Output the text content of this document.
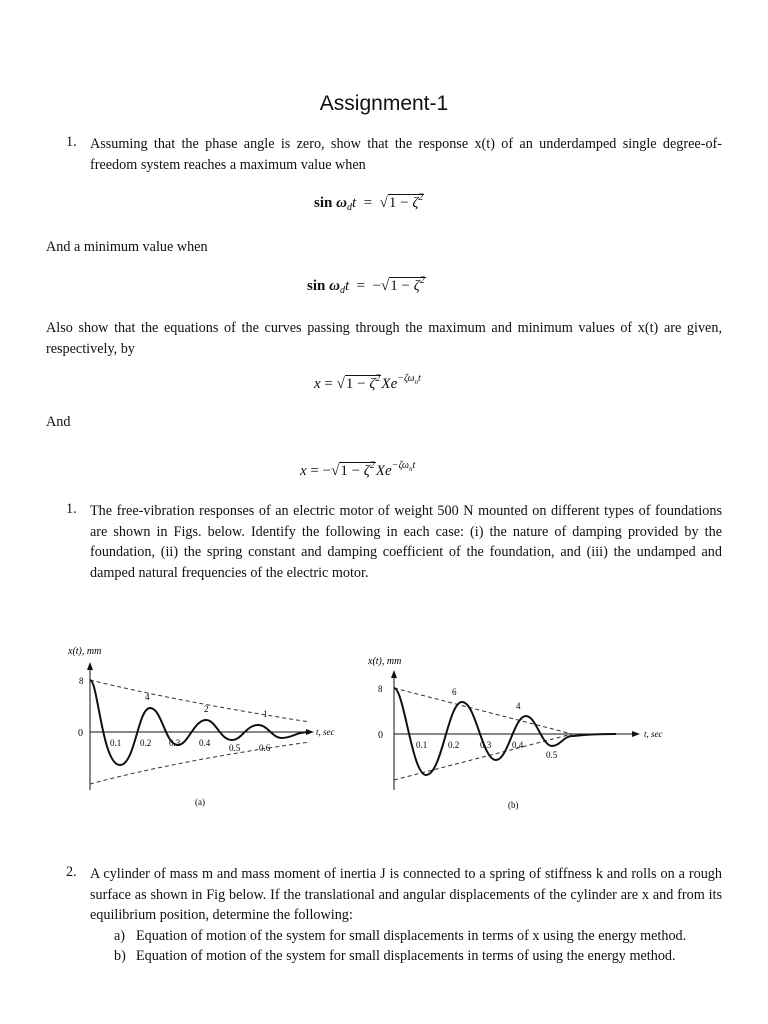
Assignment-1
1. Assuming that the phase angle is zero, show that the response x(t) of an underdamped single degree-of-freedom system reaches a maximum value when
$\sin \omega_dt = √1 - \zeta^2$
And a minimum value when
$\sin \omega_dt = -√1 - \zeta^2$
Also show that the equations of the curves passing through the maximum and minimum values of x(t) are given, respectively, by
$x = √1 - \zeta^2Xe^{-\zeta\omega_nt}$
And
$x = -√1 - \zeta^2Xe^{-\zeta\omega_nt}$
1. The free-vibration responses of an electric motor of weight 500 N mounted on different types of foundations are shown in Figs. below. Identify the following in each case: (i) the nature of damping provided by the foundation, (ii) the spring constant and damping coefficient of the foundation, and (iii) the undamped and damped natural frequencies of the electric motor.
x(t), mm
t, sec
0
8
4
2	1
0.1 0.2 0.3 0.4 0.5 0.6
(a)
x(t), mm
t, sec
0
8	6
4
0.1 0.2 0.3 0.4
0.5
(b)
2. A cylinder of mass m and mass moment of inertia J is connected to a spring of stiffness k and rolls on a rough surface as shown in Fig below. If the translational and angular displacements of the cylinder are x and from its equilibrium position, determine the following:
a) Equation of motion of the system for small displacements in terms of x using the energy method.
b) Equation of motion of the system for small displacements in terms of using the energy method.
